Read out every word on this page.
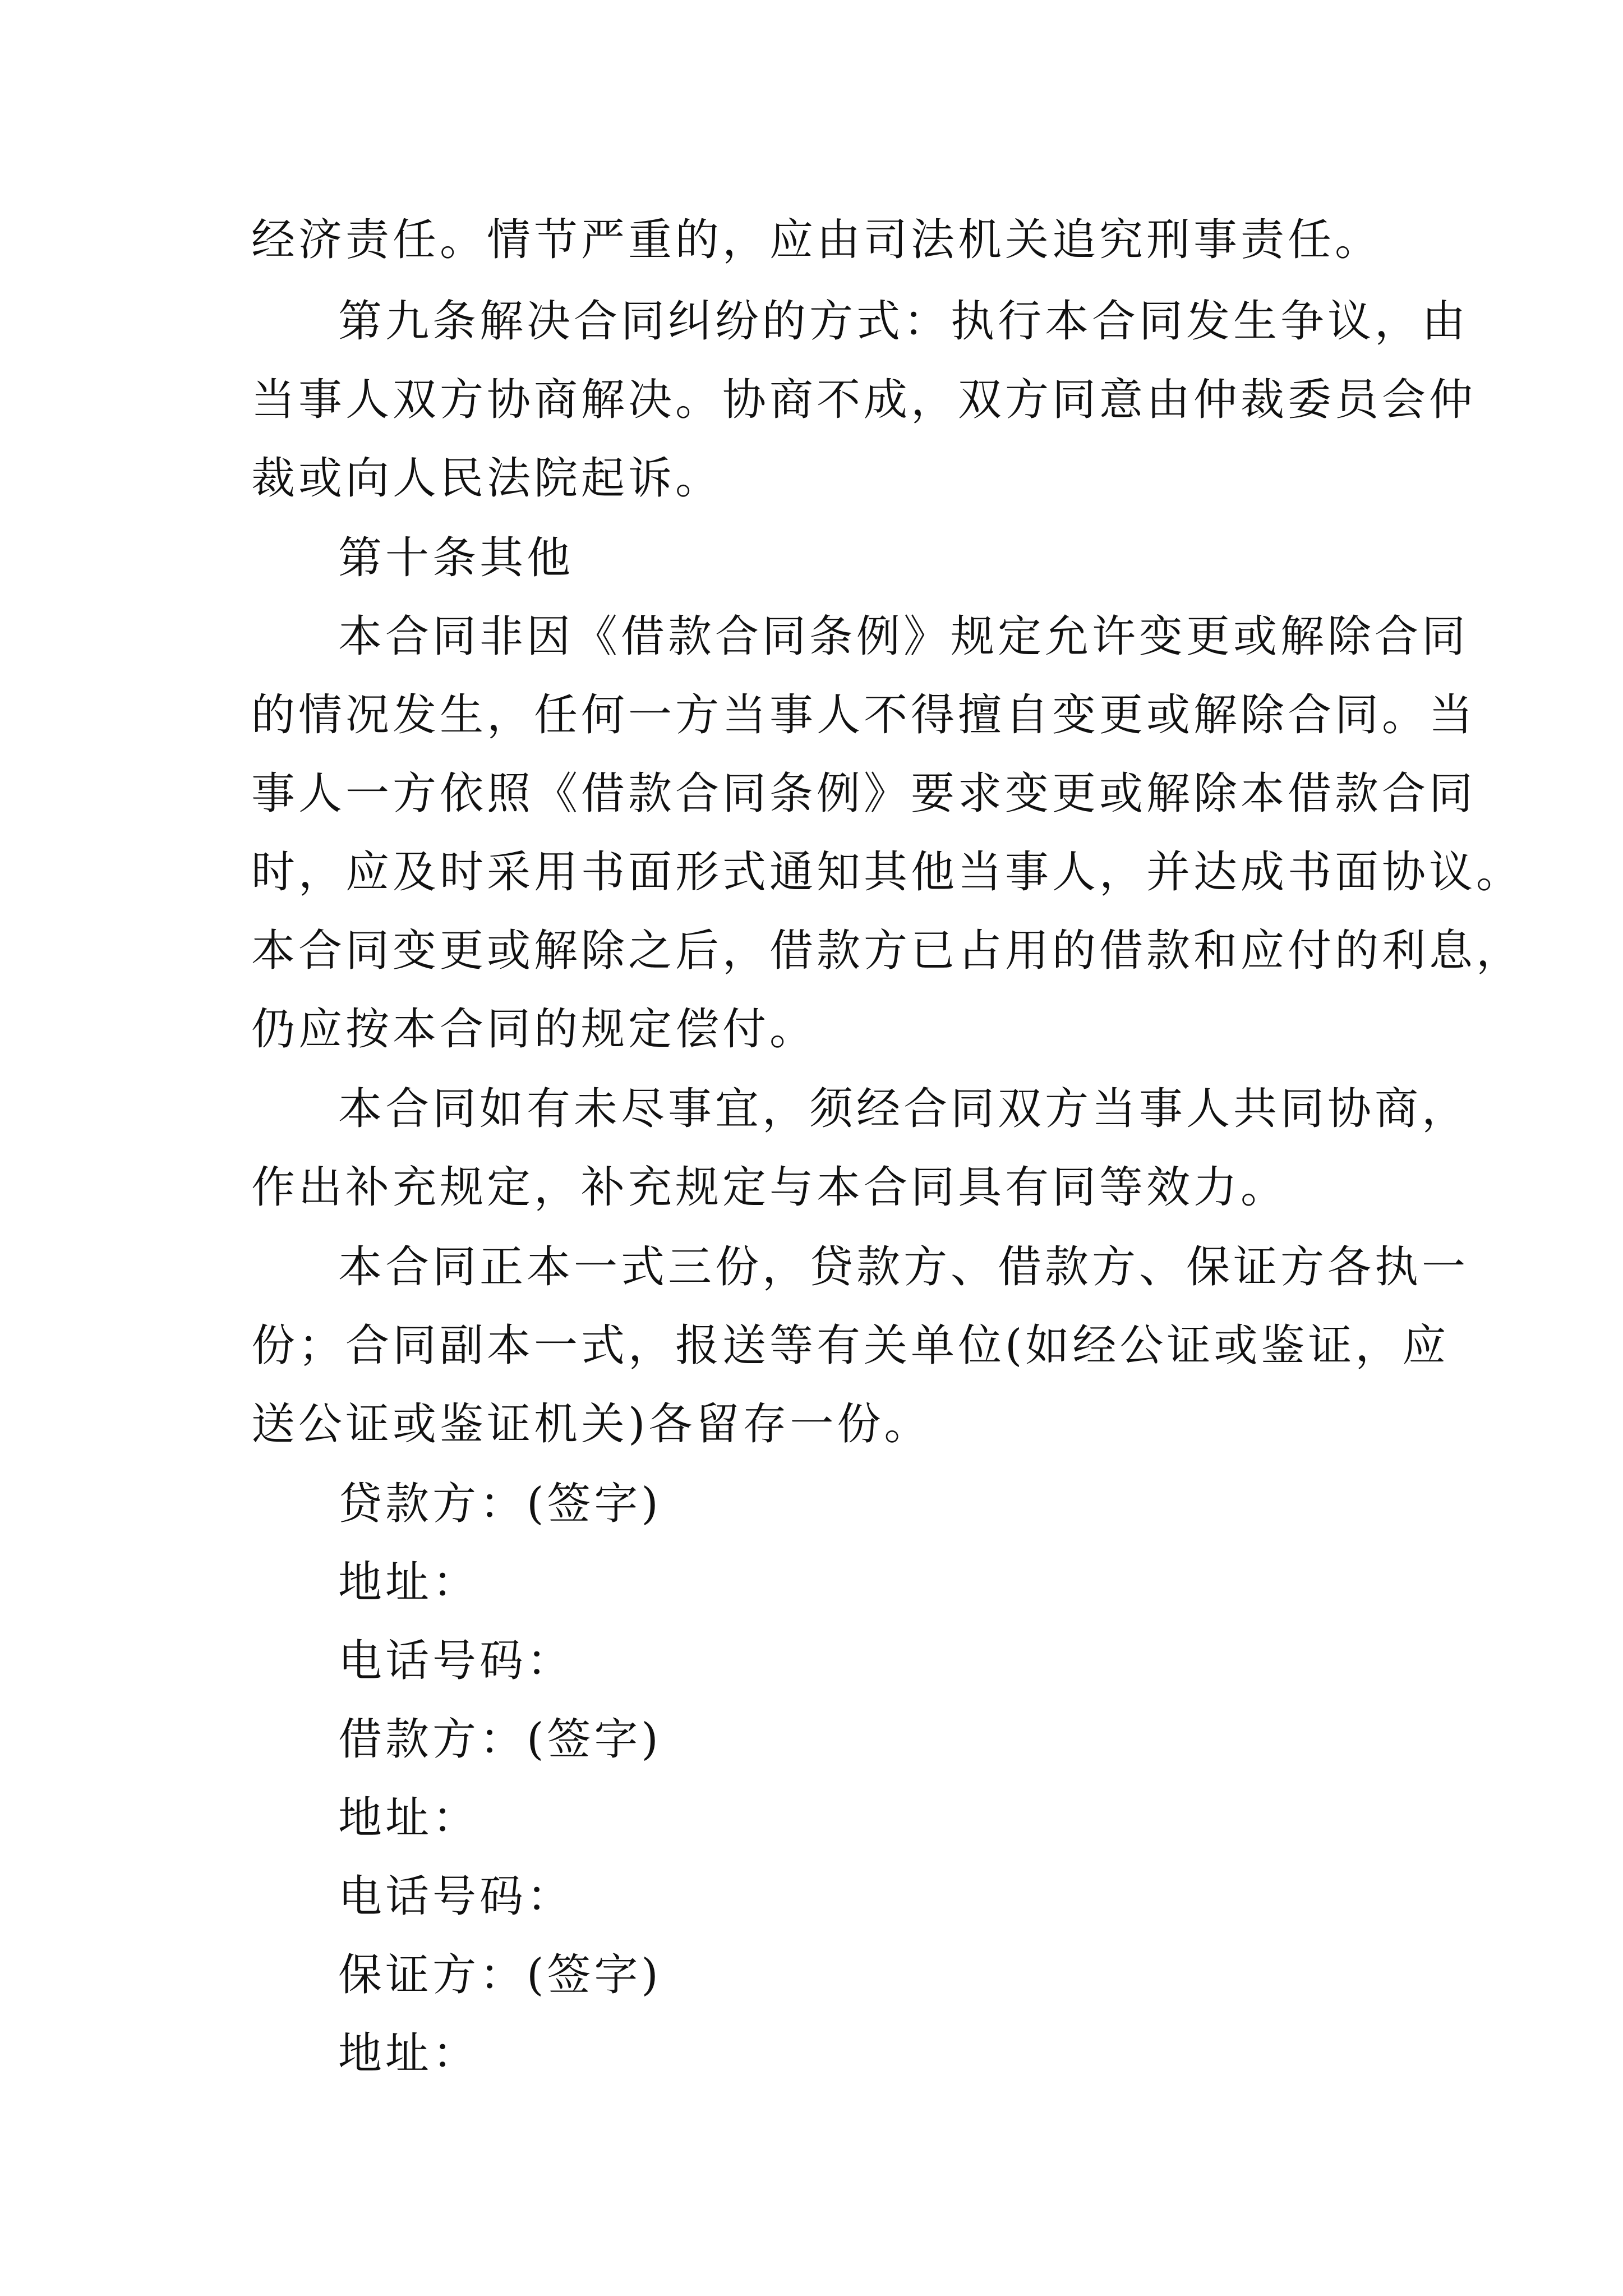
经济责任。情节严重的，应由司法机关追究刑事责任。
第九条解决合同纠纷的方式：执行本合同发生争议，由
当事人双方协商解决。协商不成，双方同意由仲裁委员会仲
裁或向人民法院起诉。
第十条其他
本合同非因《借款合同条例》规定允许变更或解除合同
的情况发生，任何一方当事人不得擅自变更或解除合同。当
事人一方依照《借款合同条例》要求变更或解除本借款合同
时，应及时采用书面形式通知其他当事人，并达成书面协议。
本合同变更或解除之后，借款方已占用的借款和应付的利息，
仍应按本合同的规定偿付。
本合同如有未尽事宜，须经合同双方当事人共同协商，
作出补充规定，补充规定与本合同具有同等效力。
本合同正本一式三份，贷款方、借款方、保证方各执一
份；合同副本一式，报送等有关单位(如经公证或鉴证，应
送公证或鉴证机关)各留存一份。
贷款方：(签字)
地址：
电话号码：
借款方：(签字)
地址：
电话号码：
保证方：(签字)
地址：
